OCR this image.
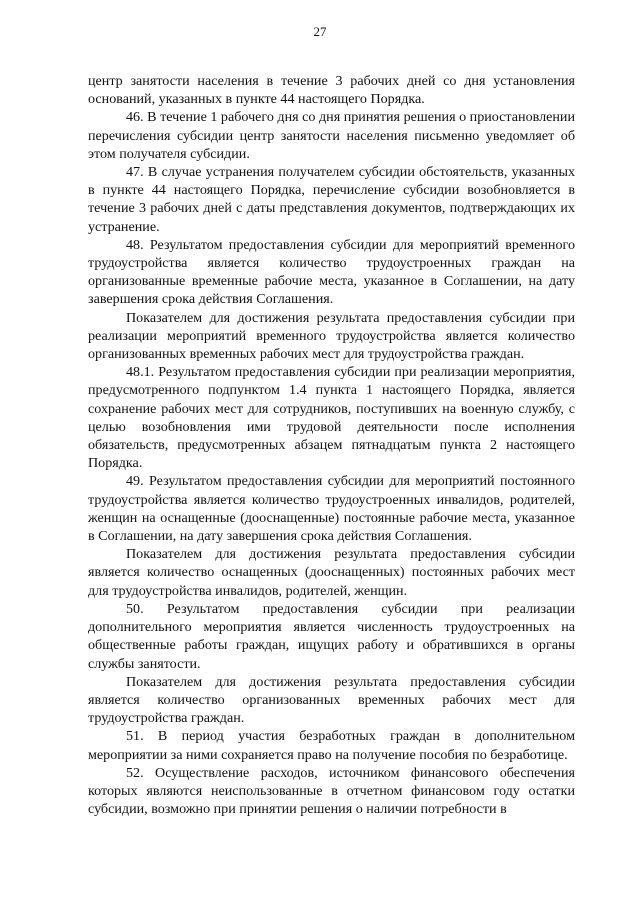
27

центр занятости населения в течение 3 рабочих дней со дня установления оснований, указанных в пункте 44 настоящего Порядка.

46. В течение 1 рабочего дня со дня принятия решения о приостановлении перечисления субсидии центр занятости населения письменно уведомляет об этом получателя субсидии.

47. В случае устранения получателем субсидии обстоятельств, указанных в пункте 44 настоящего Порядка, перечисление субсидии возобновляется в течение 3 рабочих дней с даты представления документов, подтверждающих их устранение.

48. Результатом предоставления субсидии для мероприятий временного трудоустройства является количество трудоустроенных граждан на организованные временные рабочие места, указанное в Соглашении, на дату завершения срока действия Соглашения.

Показателем для достижения результата предоставления субсидии при реализации мероприятий временного трудоустройства является количество организованных временных рабочих мест для трудоустройства граждан.

48.1. Результатом предоставления субсидии при реализации мероприятия, предусмотренного подпунктом 1.4 пункта 1 настоящего Порядка, является сохранение рабочих мест для сотрудников, поступивших на военную службу, с целью возобновления ими трудовой деятельности после исполнения обязательств, предусмотренных абзацем пятнадцатым пункта 2 настоящего Порядка.

49. Результатом предоставления субсидии для мероприятий постоянного трудоустройства является количество трудоустроенных инвалидов, родителей, женщин на оснащенные (дооснащенные) постоянные рабочие места, указанное в Соглашении, на дату завершения срока действия Соглашения.

Показателем для достижения результата предоставления субсидии является количество оснащенных (дооснащенных) постоянных рабочих мест для трудоустройства инвалидов, родителей, женщин.

50. Результатом предоставления субсидии при реализации дополнительного мероприятия является численность трудоустроенных на общественные работы граждан, ищущих работу и обратившихся в органы службы занятости.

Показателем для достижения результата предоставления субсидии является количество организованных временных рабочих мест для трудоустройства граждан.

51. В период участия безработных граждан в дополнительном мероприятии за ними сохраняется право на получение пособия по безработице.

52. Осуществление расходов, источником финансового обеспечения которых являются неиспользованные в отчетном финансовом году остатки субсидии, возможно при принятии решения о наличии потребности в
